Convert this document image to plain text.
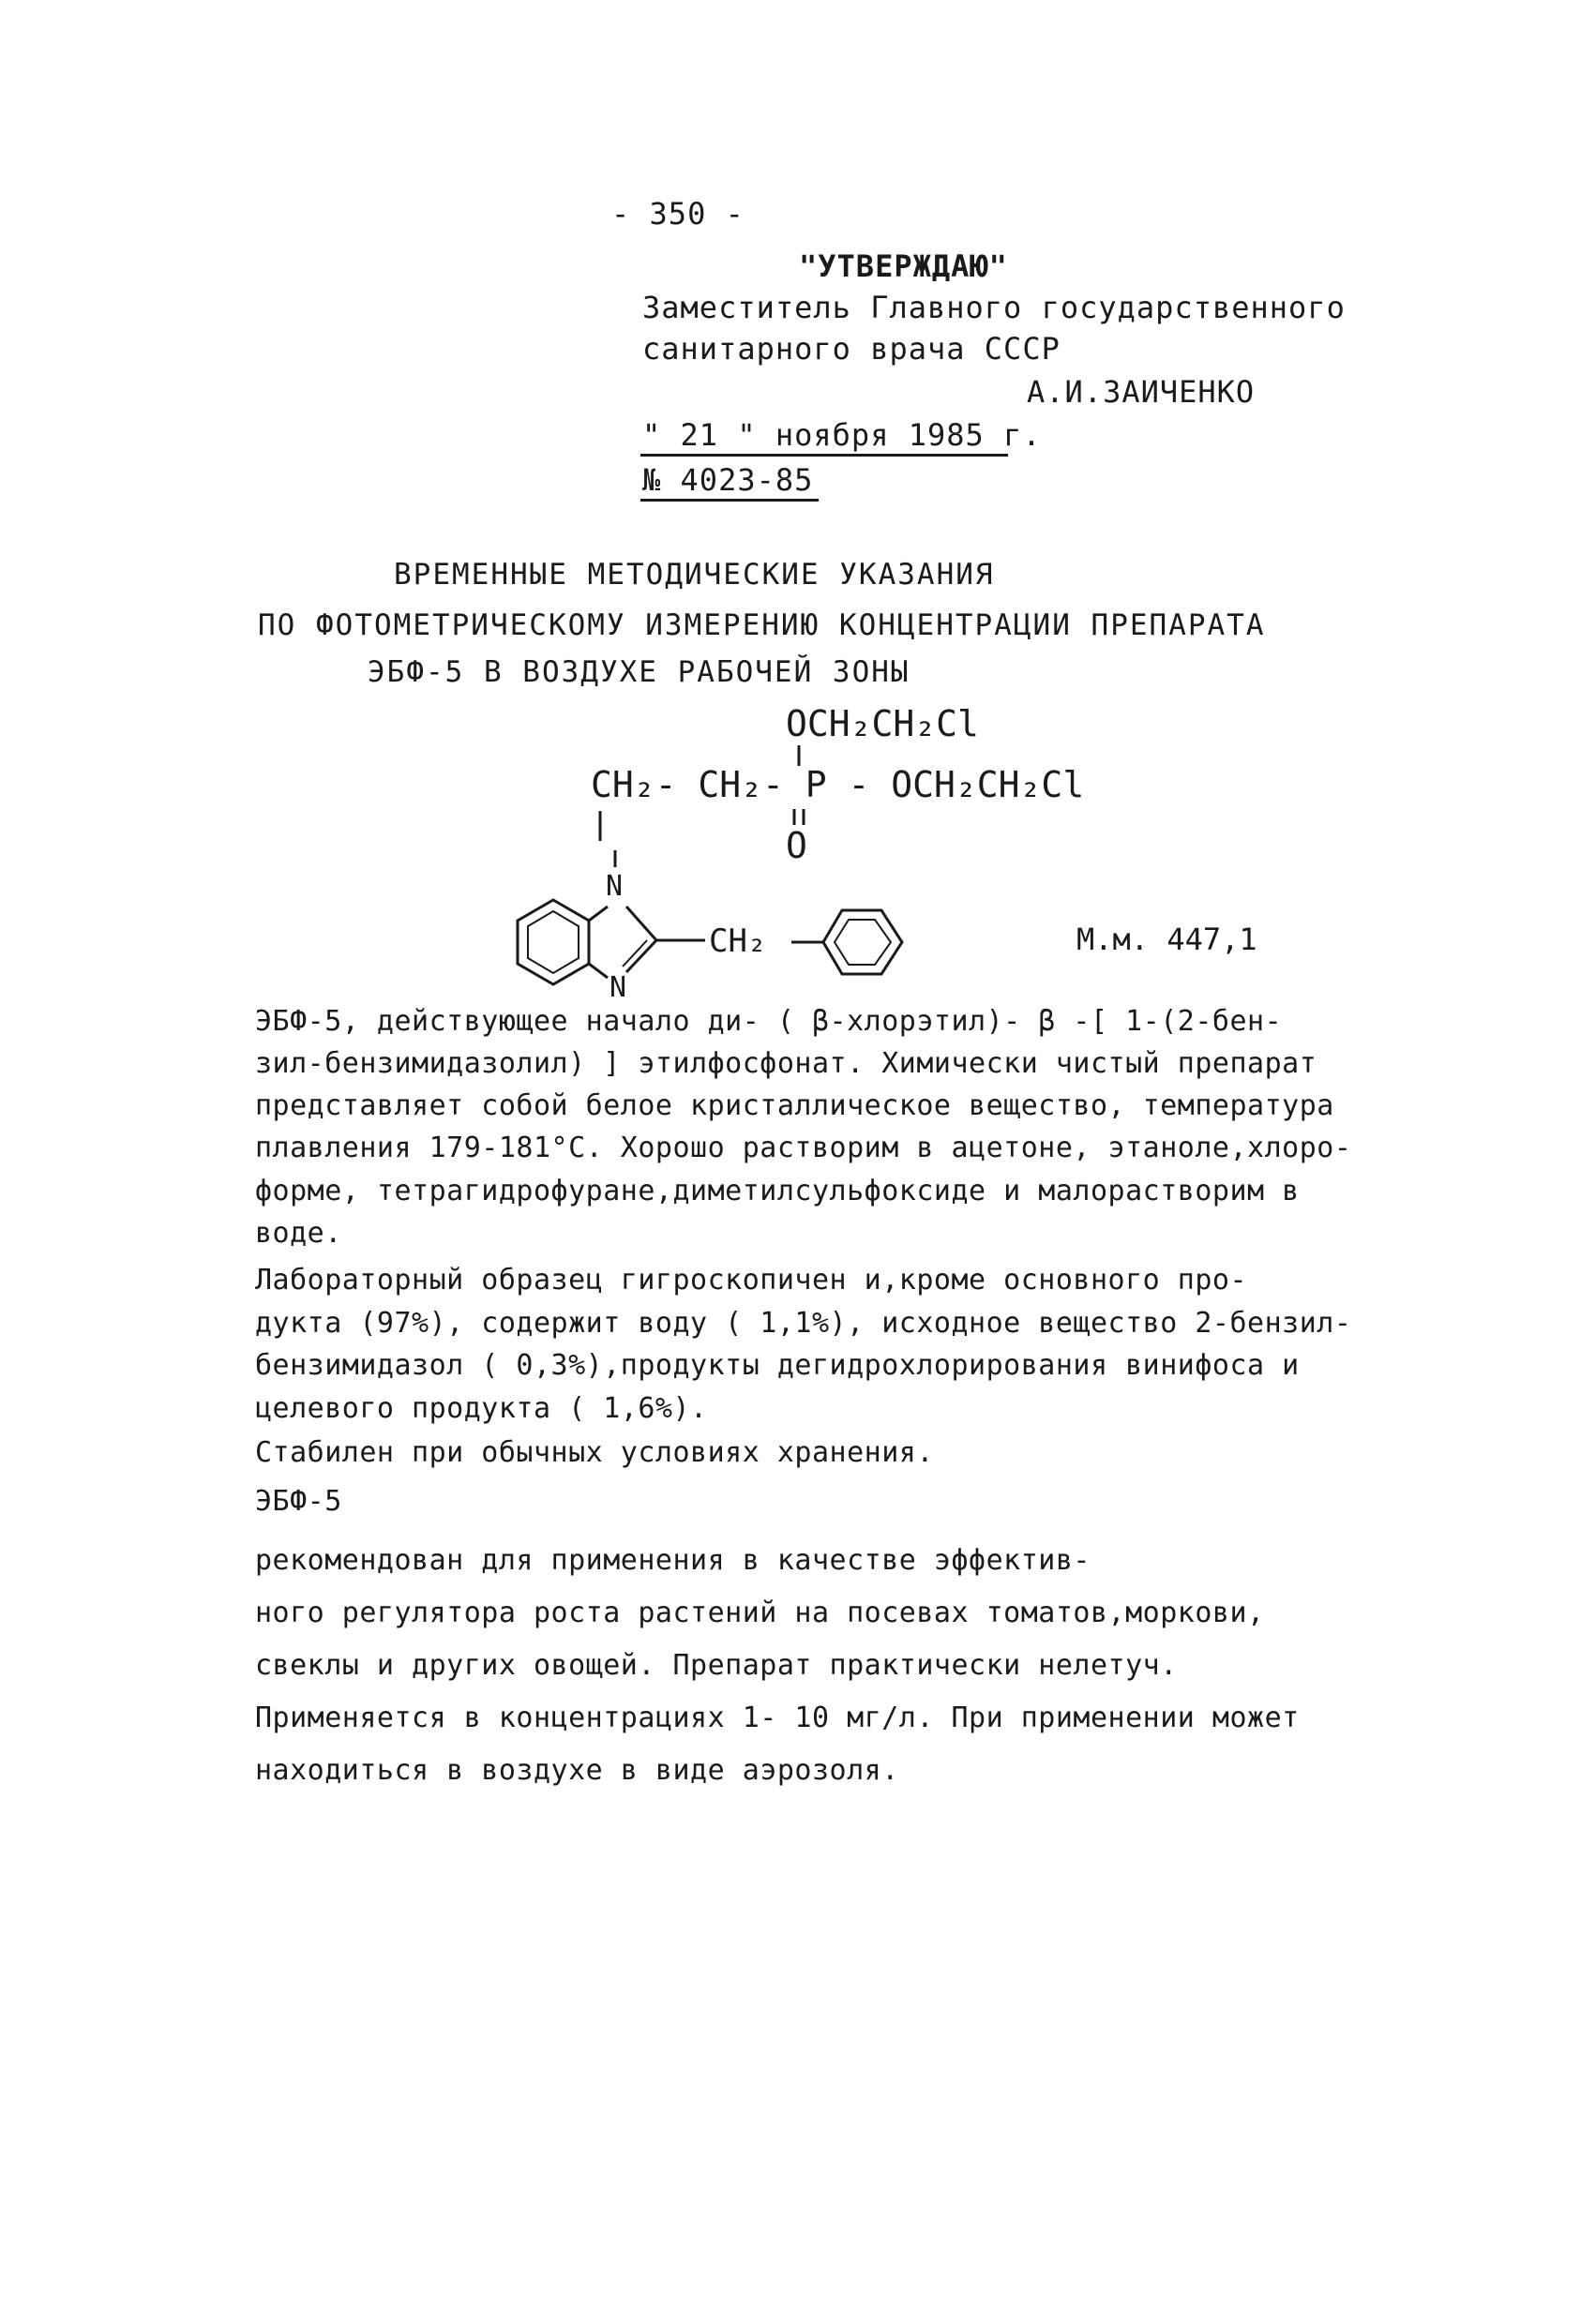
- 350 -
"УТВЕРЖДАЮ"
Заместитель Главного государственного
санитарного врача СССР
А.И.ЗАИЧЕНКО
" 21 " ноября 1985 г.
№ 4023-85
ВРЕМЕННЫЕ МЕТОДИЧЕСКИЕ УКАЗАНИЯ
ПО ФОТОМЕТРИЧЕСКОМУ ИЗМЕРЕНИЮ КОНЦЕНТРАЦИИ ПРЕПАРАТА
ЭБФ-5 В ВОЗДУХЕ РАБОЧЕЙ ЗОНЫ
OCH₂CH₂Cl
CH₂- CH₂- P - OCH₂CH₂Cl
O
N
N
CH₂	М.м. 447,1
ЭБФ-5, действующее начало ди- ( β-хлорэтил)- β -[ 1-(2-бен-
зил-бензимидазолил) ] этилфосфонат. Химически чистый препарат
представляет собой белое кристаллическое вещество, температура
плавления 179-181°С. Хорошо растворим в ацетоне, этаноле,хлоро-
форме, тетрагидрофуране,диметилсульфоксиде и малорастворим в
воде.
Лабораторный образец гигроскопичен и,кроме основного про-
дукта (97%), содержит воду ( 1,1%), исходное вещество 2-бензил-
бензимидазол ( 0,3%),продукты дегидрохлорирования винифоса и
целевого продукта ( 1,6%).
Стабилен при обычных условиях хранения.
ЭБФ-5
рекомендован для применения в качестве эффектив-
ного регулятора роста растений на посевах томатов,моркови,
свеклы и других овощей. Препарат практически нелетуч.
Применяется в концентрациях 1- 10 мг/л. При применении может
находиться в воздухе в виде аэрозоля.
